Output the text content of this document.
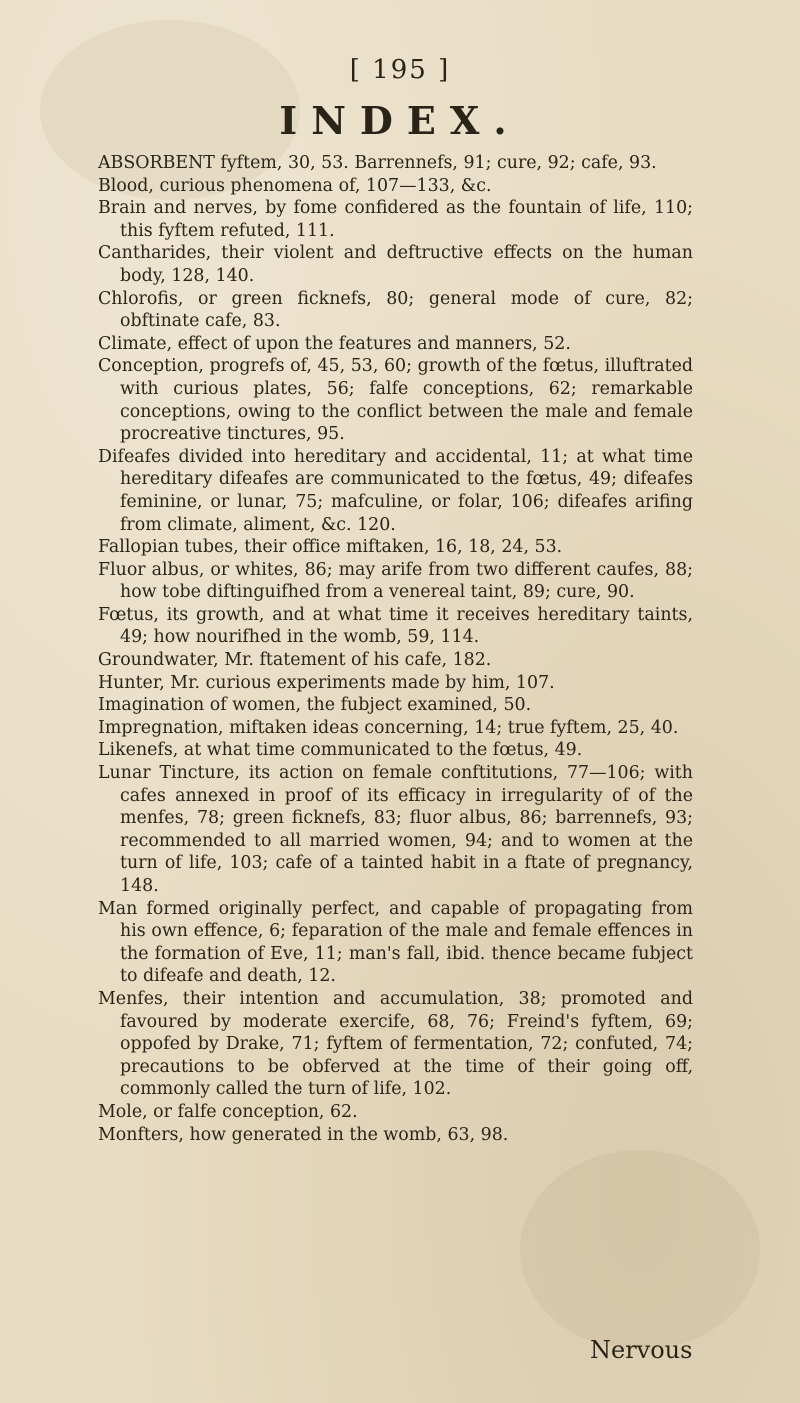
[ 195 ]
INDEX.

ABSORBENT fyftem, 30, 53. Barrennefs, 91; cure, 92; cafe, 93.

Blood, curious phenomena of, 107—133, &c.

Brain and nerves, by fome confidered as the fountain of life, 110; this fyftem refuted, 111.

Cantharides, their violent and deftructive effects on the human body, 128, 140.

Chlorofis, or green ficknefs, 80; general mode of cure, 82; obftinate cafe, 83.

Climate, effect of upon the features and manners, 52.

Conception, progrefs of, 45, 53, 60; growth of the fœtus, illuftrated with curious plates, 56; falfe conceptions, 62; remarkable conceptions, owing to the conflict between the male and female procreative tinctures, 95.

Difeafes divided into hereditary and accidental, 11; at what time hereditary difeafes are communicated to the fœtus, 49; difeafes feminine, or lunar, 75; mafculine, or folar, 106; difeafes arifing from climate, aliment, &c. 120.

Fallopian tubes, their office miftaken, 16, 18, 24, 53.

Fluor albus, or whites, 86; may arife from two different caufes, 88; how tobe diftinguifhed from a venereal taint, 89; cure, 90.

Fœtus, its growth, and at what time it receives hereditary taints, 49; how nourifhed in the womb, 59, 114.

Groundwater, Mr. ftatement of his cafe, 182.

Hunter, Mr. curious experiments made by him, 107.

Imagination of women, the fubject examined, 50.

Impregnation, miftaken ideas concerning, 14; true fyftem, 25, 40.

Likenefs, at what time communicated to the fœtus, 49.

Lunar Tincture, its action on female conftitutions, 77—106; with cafes annexed in proof of its efficacy in irregularity of of the menfes, 78; green ficknefs, 83; fluor albus, 86; barrennefs, 93; recommended to all married women, 94; and to women at the turn of life, 103; cafe of a tainted habit in a ftate of pregnancy, 148.

Man formed originally perfect, and capable of propagating from his own effence, 6; feparation of the male and female effences in the formation of Eve, 11; man's fall, ibid. thence became fubject to difeafe and death, 12.

Menfes, their intention and accumulation, 38; promoted and favoured by moderate exercife, 68, 76; Freind's fyftem, 69; oppofed by Drake, 71; fyftem of fermentation, 72; confuted, 74; precautions to be obferved at the time of their going off, commonly called the turn of life, 102.

Mole, or falfe conception, 62.

Monfters, how generated in the womb, 63, 98.

Nervous
